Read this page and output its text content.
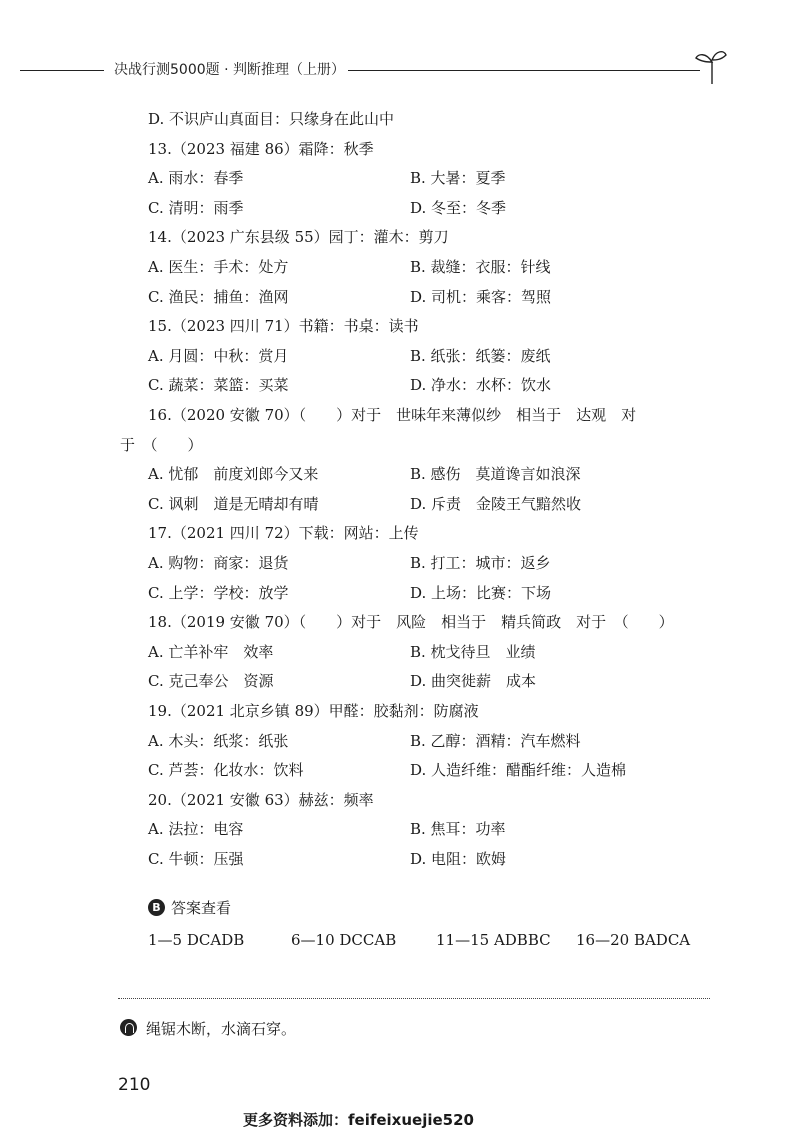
决战行测5000题 · 判断推理（上册）
D. 不识庐山真面目：只缘身在此山中
13.（2023 福建 86）霜降：秋季
A. 雨水：春季	B. 大暑：夏季
C. 清明：雨季	D. 冬至：冬季
14.（2023 广东县级 55）园丁：灌木：剪刀
A. 医生：手术：处方	B. 裁缝：衣服：针线
C. 渔民：捕鱼：渔网	D. 司机：乘客：驾照
15.（2023 四川 71）书籍：书桌：读书
A. 月圆：中秋：赏月	B. 纸张：纸篓：废纸
C. 蔬菜：菜篮：买菜	D. 净水：水杯：饮水
16.（2020 安徽 70）（　　）对于　世味年来薄似纱　相当于　达观　对
于　（　　）
A. 忧郁　前度刘郎今又来	B. 感伤　莫道谗言如浪深
C. 讽刺　道是无晴却有晴	D. 斥责　金陵王气黯然收
17.（2021 四川 72）下载：网站：上传
A. 购物：商家：退货	B. 打工：城市：返乡
C. 上学：学校：放学	D. 上场：比赛：下场
18.（2019 安徽 70）（　　）对于　风险　相当于　精兵简政　对于　（　　）
A. 亡羊补牢　效率	B. 枕戈待旦　业绩
C. 克己奉公　资源	D. 曲突徙薪　成本
19.（2021 北京乡镇 89）甲醛：胶黏剂：防腐液
A. 木头：纸浆：纸张	B. 乙醇：酒精：汽车燃料
C. 芦荟：化妆水：饮料	D. 人造纤维：醋酯纤维：人造棉
20.（2021 安徽 63）赫兹：频率
A. 法拉：电容	B. 焦耳：功率
C. 牛顿：压强	D. 电阻：欧姆
B 答案查看
1—5 DCADB	6—10 DCCAB	11—15 ADBBC 16—20 BADCA
绳锯木断，水滴石穿。
210
更多资料添加：feifeixuejie520
